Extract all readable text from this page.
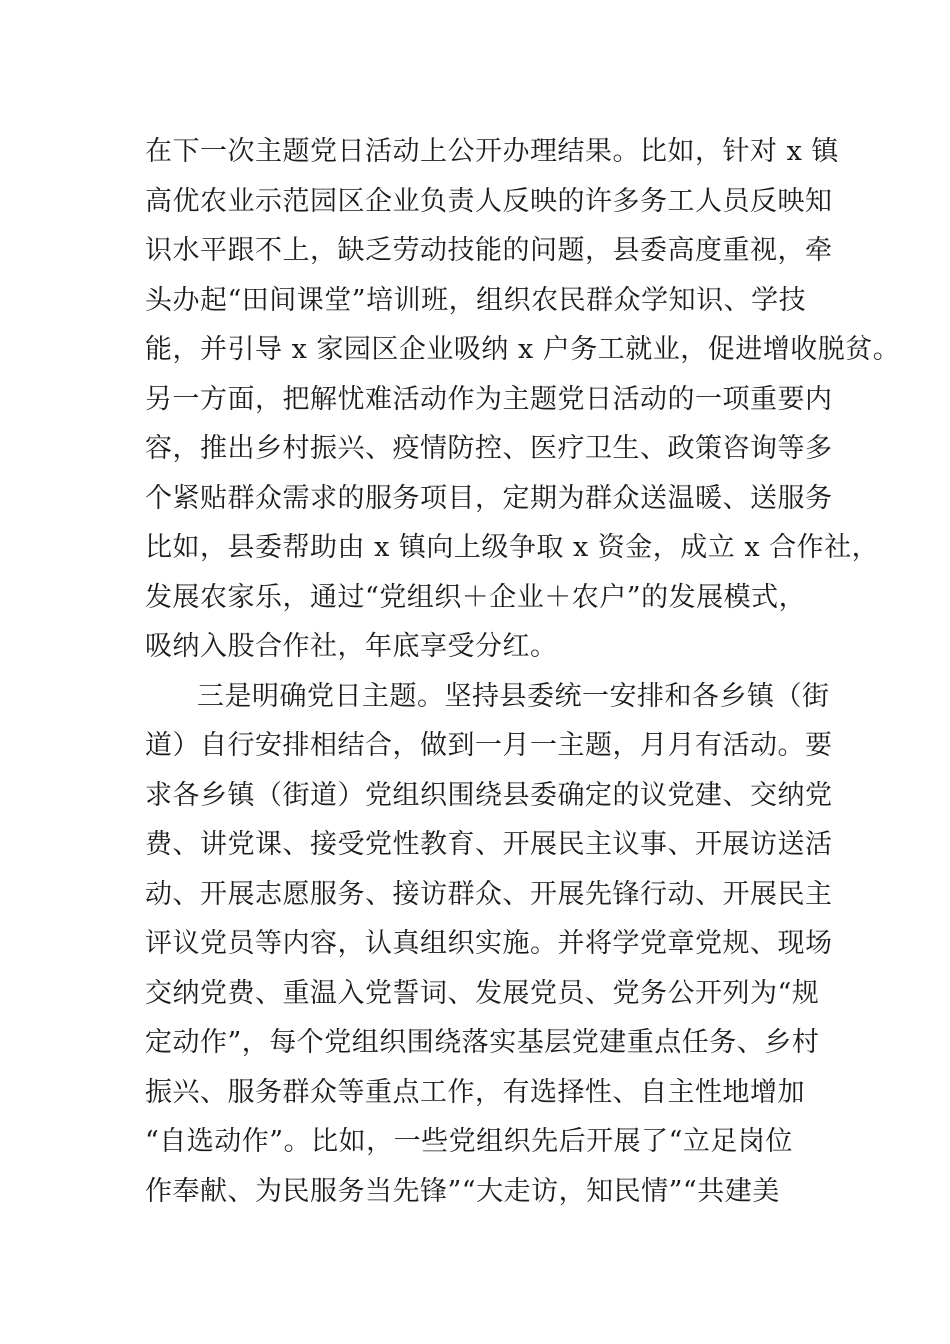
在下一次主题党日活动上公开办理结果。比如，针对 x 镇
高优农业示范园区企业负责人反映的许多务工人员反映知
识水平跟不上，缺乏劳动技能的问题，县委高度重视，牵
头办起“田间课堂”培训班，组织农民群众学知识、学技
能，并引导 x 家园区企业吸纳 x 户务工就业，促进增收脱贫。
另一方面，把解忧难活动作为主题党日活动的一项重要内
容，推出乡村振兴、疫情防控、医疗卫生、政策咨询等多
个紧贴群众需求的服务项目，定期为群众送温暖、送服务
比如，县委帮助由 x 镇向上级争取 x 资金，成立 x 合作社，
发展农家乐，通过“党组织＋企业＋农户”的发展模式，
吸纳入股合作社，年底享受分红。
三是明确党日主题。坚持县委统一安排和各乡镇（街
道）自行安排相结合，做到一月一主题，月月有活动。要
求各乡镇（街道）党组织围绕县委确定的议党建、交纳党
费、讲党课、接受党性教育、开展民主议事、开展访送活
动、开展志愿服务、接访群众、开展先锋行动、开展民主
评议党员等内容，认真组织实施。并将学党章党规、现场
交纳党费、重温入党誓词、发展党员、党务公开列为“规
定动作”，每个党组织围绕落实基层党建重点任务、乡村
振兴、服务群众等重点工作，有选择性、自主性地增加
“自选动作”。比如，一些党组织先后开展了“立足岗位
作奉献、为民服务当先锋”“大走访，知民情”“共建美
